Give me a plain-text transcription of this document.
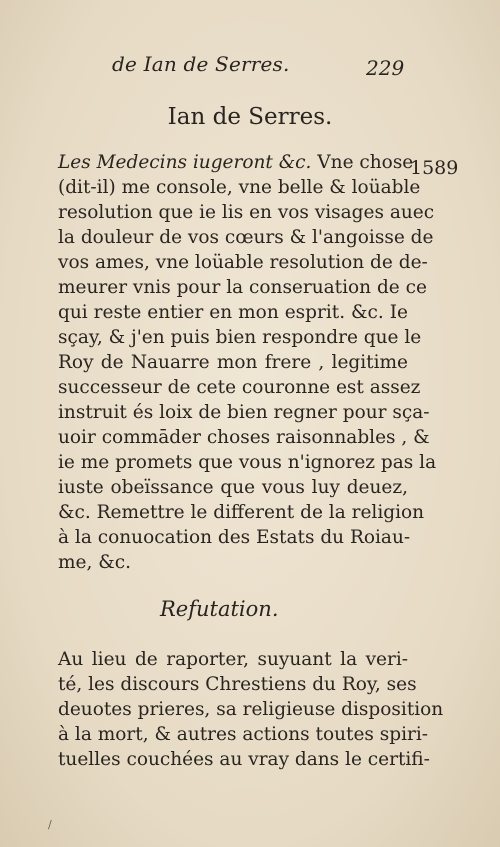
de Ian de Serres.	229
Ian de Serres.
1589
Les Medecins iugeront &c. Vne chose
(dit-il) me console, vne belle & loüable
resolution que ie lis en vos visages auec
la douleur de vos cœurs & l'angoisse de
vos ames, vne loüable resolution de de-
meurer vnis pour la conseruation de ce
qui reste entier en mon esprit. &c. Ie
sçay, & j'en puis bien respondre que le
Roy de Nauarre mon frere , legitime
successeur de cete couronne est assez
instruit és loix de bien regner pour sça-
uoir commāder choses raisonnables , &
ie me promets que vous n'ignorez pas la
iuste obeïssance que vous luy deuez,
&c. Remettre le different de la religion
à la conuocation des Estats du Roiau-
me, &c.
Refutation.
Au lieu de raporter, suyuant la veri-
té, les discours Chrestiens du Roy, ses
deuotes prieres, sa religieuse disposition
à la mort, & autres actions toutes spiri-
tuelles couchées au vray dans le certifi-
/
